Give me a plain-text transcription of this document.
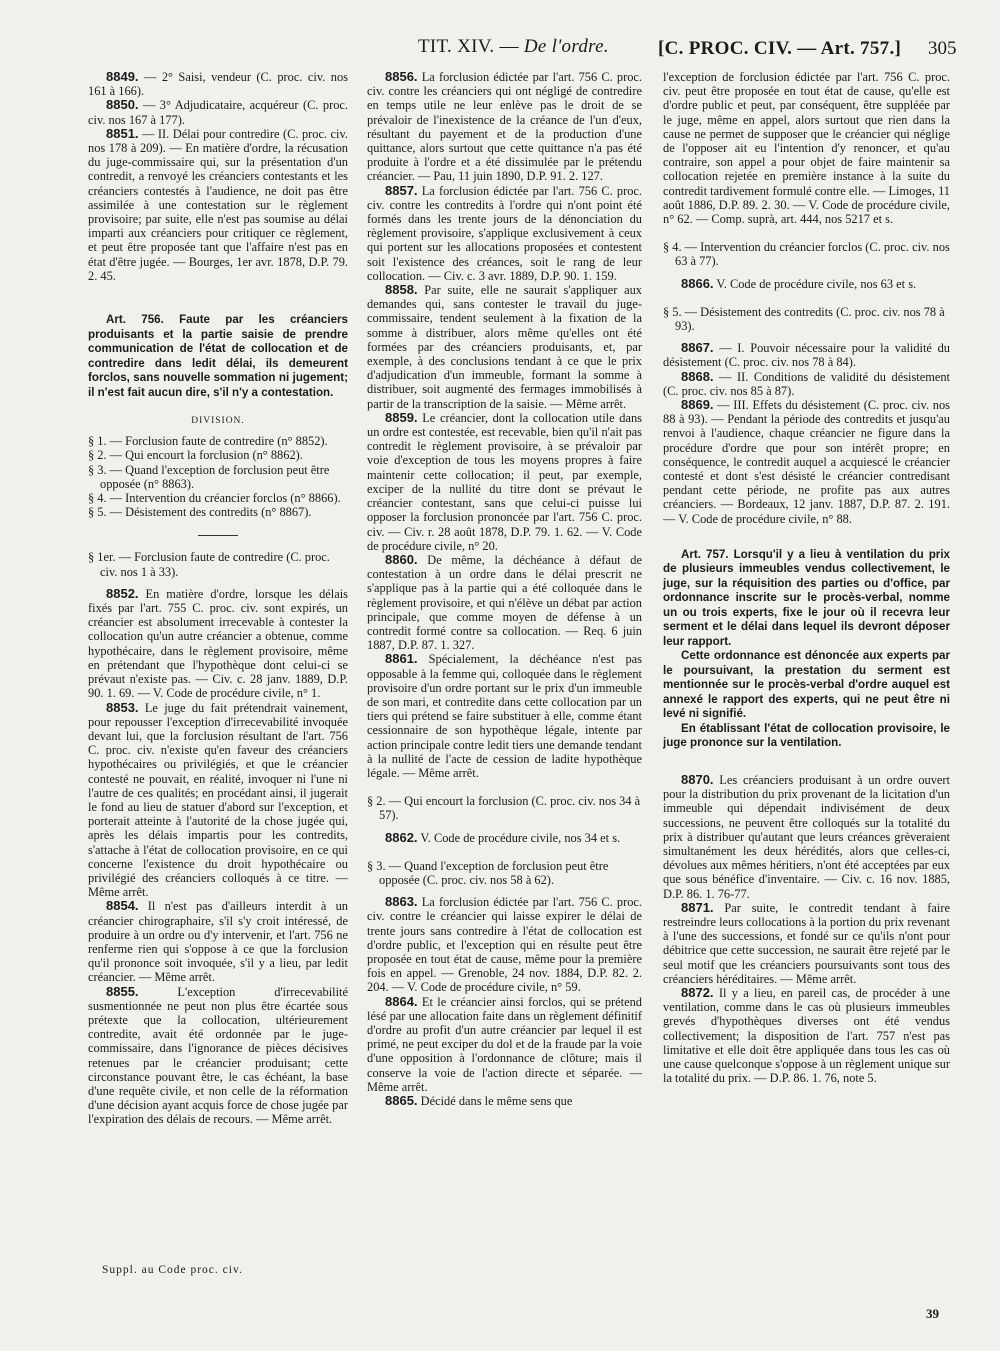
TIT. XIV. — De l'ordre.	[C. PROC. CIV. — Art. 757.] 305

8849. — 2° Saisi, vendeur (C. proc. civ. nos 161 à 166).

8850. — 3° Adjudicataire, acquéreur (C. proc. civ. nos 167 à 177).

8851. — II. Délai pour contredire (C. proc. civ. nos 178 à 209). — En matière d'ordre, la récusation du juge-commissaire qui, sur la présentation d'un contredit, a renvoyé les créanciers contestants et les créanciers contestés à l'audience, ne doit pas être assimilée à une contestation sur le règlement provisoire; par suite, elle n'est pas soumise au délai imparti aux créanciers pour critiquer ce règlement, et peut être proposée tant que l'affaire n'est pas en état d'être jugée. — Bourges, 1er avr. 1878, D.P. 79. 2. 45.

Art. 756. Faute par les créanciers produisants et la partie saisie de prendre communication de l'état de collocation et de contredire dans ledit délai, ils demeurent forclos, sans nouvelle sommation ni jugement; il n'est fait aucun dire, s'il n'y a contestation.

DIVISION.

§ 1. — Forclusion faute de contredire (n° 8852).

§ 2. — Qui encourt la forclusion (n° 8862).

§ 3. — Quand l'exception de forclusion peut être opposée (n° 8863).

§ 4. — Intervention du créancier forclos (n° 8866).

§ 5. — Désistement des contredits (n° 8867).

§ 1er. — Forclusion faute de contredire (C. proc. civ. nos 1 à 33).

8852. En matière d'ordre, lorsque les délais fixés par l'art. 755 C. proc. civ. sont expirés, un créancier est absolument irrecevable à contester la collocation qu'un autre créancier a obtenue, comme hypothécaire, dans le règlement provisoire, même en prétendant que l'hypothèque dont celui-ci se prévaut n'existe pas. — Civ. c. 28 janv. 1889, D.P. 90. 1. 69. — V. Code de procédure civile, n° 1.

8853. Le juge du fait prétendrait vainement, pour repousser l'exception d'irrecevabilité invoquée devant lui, que la forclusion résultant de l'art. 756 C. proc. civ. n'existe qu'en faveur des créanciers hypothécaires ou privilégiés, et que le créancier contesté ne pouvait, en réalité, invoquer ni l'une ni l'autre de ces qualités; en procédant ainsi, il jugerait le fond au lieu de statuer d'abord sur l'exception, et porterait atteinte à l'autorité de la chose jugée qui, après les délais impartis pour les contredits, s'attache à l'état de collocation provisoire, en ce qui concerne l'existence du droit hypothécaire ou privilégié des créanciers colloqués à ce titre. — Même arrêt.

8854. Il n'est pas d'ailleurs interdit à un créancier chirographaire, s'il s'y croit intéressé, de produire à un ordre ou d'y intervenir, et l'art. 756 ne renferme rien qui s'oppose à ce que la forclusion qu'il prononce soit invoquée, s'il y a lieu, par ledit créancier. — Même arrêt.

8855. L'exception d'irrecevabilité susmentionnée ne peut non plus être écartée sous prétexte que la collocation, ultérieurement contredite, avait été ordonnée par le juge-commissaire, dans l'ignorance de pièces décisives retenues par le créancier produisant; cette circonstance pouvant être, le cas échéant, la base d'une requête civile, et non celle de la réformation d'une décision ayant acquis force de chose jugée par l'expiration des délais de recours. — Même arrêt.

8856. La forclusion édictée par l'art. 756 C. proc. civ. contre les créanciers qui ont négligé de contredire en temps utile ne leur enlève pas le droit de se prévaloir de l'inexistence de la créance de l'un d'eux, résultant du payement et de la production d'une quittance, alors surtout que cette quittance n'a pas été produite à l'ordre et a été dissimulée par le prétendu créancier. — Pau, 11 juin 1890, D.P. 91. 2. 127.

8857. La forclusion édictée par l'art. 756 C. proc. civ. contre les contredits à l'ordre qui n'ont point été formés dans les trente jours de la dénonciation du règlement provisoire, s'applique exclusivement à ceux qui portent sur les allocations proposées et contestent soit l'existence des créances, soit le rang de leur collocation. — Civ. c. 3 avr. 1889, D.P. 90. 1. 159.

8858. Par suite, elle ne saurait s'appliquer aux demandes qui, sans contester le travail du juge-commissaire, tendent seulement à la fixation de la somme à distribuer, alors même qu'elles ont été formées par des créanciers produisants, et, par exemple, à des conclusions tendant à ce que le prix d'adjudication d'un immeuble, formant la somme à distribuer, soit augmenté des fermages immobilisés à partir de la transcription de la saisie. — Même arrêt.

8859. Le créancier, dont la collocation utile dans un ordre est contestée, est recevable, bien qu'il n'ait pas contredit le règlement provisoire, à se prévaloir par voie d'exception de tous les moyens propres à faire maintenir cette collocation; il peut, par exemple, exciper de la nullité du titre dont se prévaut le créancier contestant, sans que celui-ci puisse lui opposer la forclusion prononcée par l'art. 756 C. proc. civ. — Civ. r. 28 août 1878, D.P. 79. 1. 62. — V. Code de procédure civile, n° 20.

8860. De même, la déchéance à défaut de contestation à un ordre dans le délai prescrit ne s'applique pas à la partie qui a été colloquée dans le règlement provisoire, et qui n'élève un débat par action principale, que comme moyen de défense à un contredit formé contre sa collocation. — Req. 6 juin 1887, D.P. 87. 1. 327.

8861. Spécialement, la déchéance n'est pas opposable à la femme qui, colloquée dans le règlement provisoire d'un ordre portant sur le prix d'un immeuble de son mari, et contredite dans cette collocation par un tiers qui prétend se faire substituer à elle, comme étant cessionnaire de son hypothèque légale, intente par action principale contre ledit tiers une demande tendant à la nullité de l'acte de cession de ladite hypothèque légale. — Même arrêt.

§ 2. — Qui encourt la forclusion (C. proc. civ. nos 34 à 57).

8862. V. Code de procédure civile, nos 34 et s.

§ 3. — Quand l'exception de forclusion peut être opposée (C. proc. civ. nos 58 à 62).

8863. La forclusion édictée par l'art. 756 C. proc. civ. contre le créancier qui laisse expirer le délai de trente jours sans contredire à l'état de collocation est d'ordre public, et l'exception qui en résulte peut être proposée en tout état de cause, même pour la première fois en appel. — Grenoble, 24 nov. 1884, D.P. 82. 2. 204. — V. Code de procédure civile, n° 59.

8864. Et le créancier ainsi forclos, qui se prétend lésé par une allocation faite dans un règlement définitif d'ordre au profit d'un autre créancier par lequel il est primé, ne peut exciper du dol et de la fraude par la voie d'une opposition à l'ordonnance de clôture; mais il conserve la voie de l'action directe et séparée. — Même arrêt.

8865. Décidé dans le même sens que

l'exception de forclusion édictée par l'art. 756 C. proc. civ. peut être proposée en tout état de cause, qu'elle est d'ordre public et peut, par conséquent, être suppléée par le juge, même en appel, alors surtout que rien dans la cause ne permet de supposer que le créancier qui néglige de l'opposer ait eu l'intention d'y renoncer, et qu'au contraire, son appel a pour objet de faire maintenir sa collocation rejetée en première instance à la suite du contredit tardivement formulé contre elle. — Limoges, 11 août 1886, D.P. 89. 2. 30. — V. Code de procédure civile, n° 62. — Comp. suprà, art. 444, nos 5217 et s.

§ 4. — Intervention du créancier forclos (C. proc. civ. nos 63 à 77).

8866. V. Code de procédure civile, nos 63 et s.

§ 5. — Désistement des contredits (C. proc. civ. nos 78 à 93).

8867. — I. Pouvoir nécessaire pour la validité du désistement (C. proc. civ. nos 78 à 84).

8868. — II. Conditions de validité du désistement (C. proc. civ. nos 85 à 87).

8869. — III. Effets du désistement (C. proc. civ. nos 88 à 93). — Pendant la période des contredits et jusqu'au renvoi à l'audience, chaque créancier ne figure dans la procédure d'ordre que pour son intérêt propre; en conséquence, le contredit auquel a acquiescé le créancier contesté et dont s'est désisté le créancier contredisant pendant cette période, ne profite pas aux autres créanciers. — Bordeaux, 12 janv. 1887, D.P. 87. 2. 191. — V. Code de procédure civile, n° 88.

Art. 757. Lorsqu'il y a lieu à ventilation du prix de plusieurs immeubles vendus collectivement, le juge, sur la réquisition des parties ou d'office, par ordonnance inscrite sur le procès-verbal, nomme un ou trois experts, fixe le jour où il recevra leur serment et le délai dans lequel ils devront déposer leur rapport.

Cette ordonnance est dénoncée aux experts par le poursuivant, la prestation du serment est mentionnée sur le procès-verbal d'ordre auquel est annexé le rapport des experts, qui ne peut être ni levé ni signifié.

En établissant l'état de collocation provisoire, le juge prononce sur la ventilation.

8870. Les créanciers produisant à un ordre ouvert pour la distribution du prix provenant de la licitation d'un immeuble qui dépendait indivisément de deux successions, ne peuvent être colloqués sur la totalité du prix à distribuer qu'autant que leurs créances grèveraient simultanément les deux hérédités, alors que celles-ci, dévolues aux mêmes héritiers, n'ont été acceptées par eux que sous bénéfice d'inventaire. — Civ. c. 16 nov. 1885, D.P. 86. 1. 76-77.

8871. Par suite, le contredit tendant à faire restreindre leurs collocations à la portion du prix revenant à l'une des successions, et fondé sur ce qu'ils n'ont pour débitrice que cette succession, ne saurait être rejeté par le seul motif que les créanciers poursuivants sont tous des créanciers héréditaires. — Même arrêt.

8872. Il y a lieu, en pareil cas, de procéder à une ventilation, comme dans le cas où plusieurs immeubles grevés d'hypothèques diverses ont été vendus collectivement; la disposition de l'art. 757 n'est pas limitative et elle doit être appliquée dans tous les cas où une cause quelconque s'oppose à un règlement unique sur la totalité du prix. — D.P. 86. 1. 76, note 5.

Suppl. au Code proc. civ.
39
